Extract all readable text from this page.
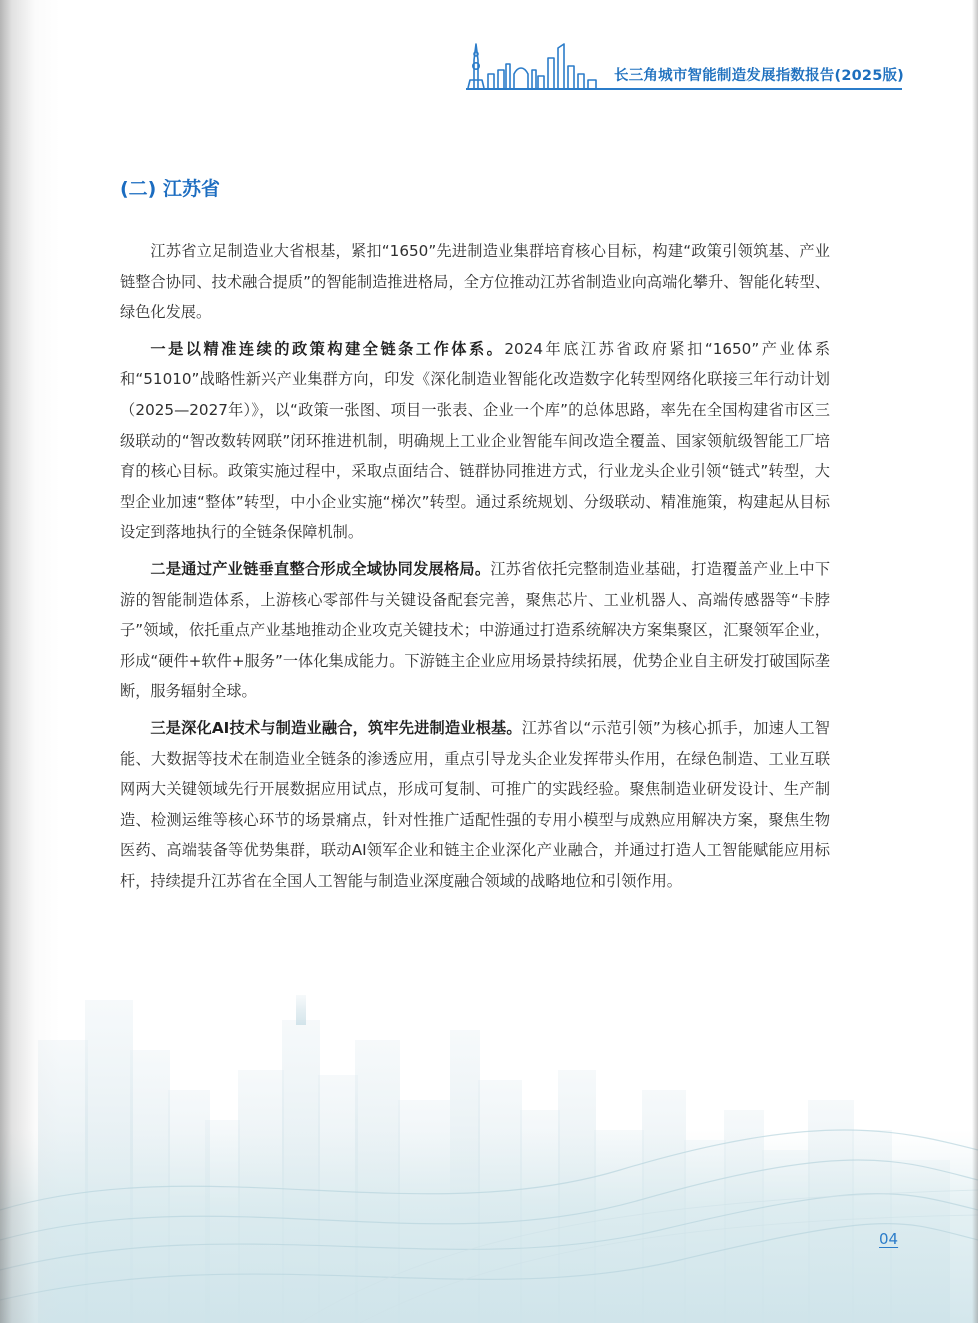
长三角城市智能制造发展指数报告(2025版)
(二) 江苏省

江苏省立足制造业大省根基，紧扣“1650”先进制造业集群培育核心目标，构建“政策引领筑基、产业链整合协同、技术融合提质”的智能制造推进格局，全方位推动江苏省制造业向高端化攀升、智能化转型、绿色化发展。

一是以精准连续的政策构建全链条工作体系。2024年底江苏省政府紧扣“1650”产业体系和“51010”战略性新兴产业集群方向，印发《深化制造业智能化改造数字化转型网络化联接三年行动计划（2025—2027年）》，以“政策一张图、项目一张表、企业一个库”的总体思路，率先在全国构建省市区三级联动的“智改数转网联”闭环推进机制，明确规上工业企业智能车间改造全覆盖、国家领航级智能工厂培育的核心目标。政策实施过程中，采取点面结合、链群协同推进方式，行业龙头企业引领“链式”转型，大型企业加速“整体”转型，中小企业实施“梯次”转型。通过系统规划、分级联动、精准施策，构建起从目标设定到落地执行的全链条保障机制。

二是通过产业链垂直整合形成全域协同发展格局。江苏省依托完整制造业基础，打造覆盖产业上中下游的智能制造体系，上游核心零部件与关键设备配套完善，聚焦芯片、工业机器人、高端传感器等“卡脖子”领域，依托重点产业基地推动企业攻克关键技术；中游通过打造系统解决方案集聚区，汇聚领军企业，形成“硬件+软件+服务”一体化集成能力。下游链主企业应用场景持续拓展，优势企业自主研发打破国际垄断，服务辐射全球。

三是深化AI技术与制造业融合，筑牢先进制造业根基。江苏省以“示范引领”为核心抓手，加速人工智能、大数据等技术在制造业全链条的渗透应用，重点引导龙头企业发挥带头作用，在绿色制造、工业互联网两大关键领域先行开展数据应用试点，形成可复制、可推广的实践经验。聚焦制造业研发设计、生产制造、检测运维等核心环节的场景痛点，针对性推广适配性强的专用小模型与成熟应用解决方案，聚焦生物医药、高端装备等优势集群，联动AI领军企业和链主企业深化产业融合，并通过打造人工智能赋能应用标杆，持续提升江苏省在全国人工智能与制造业深度融合领域的战略地位和引领作用。

04
